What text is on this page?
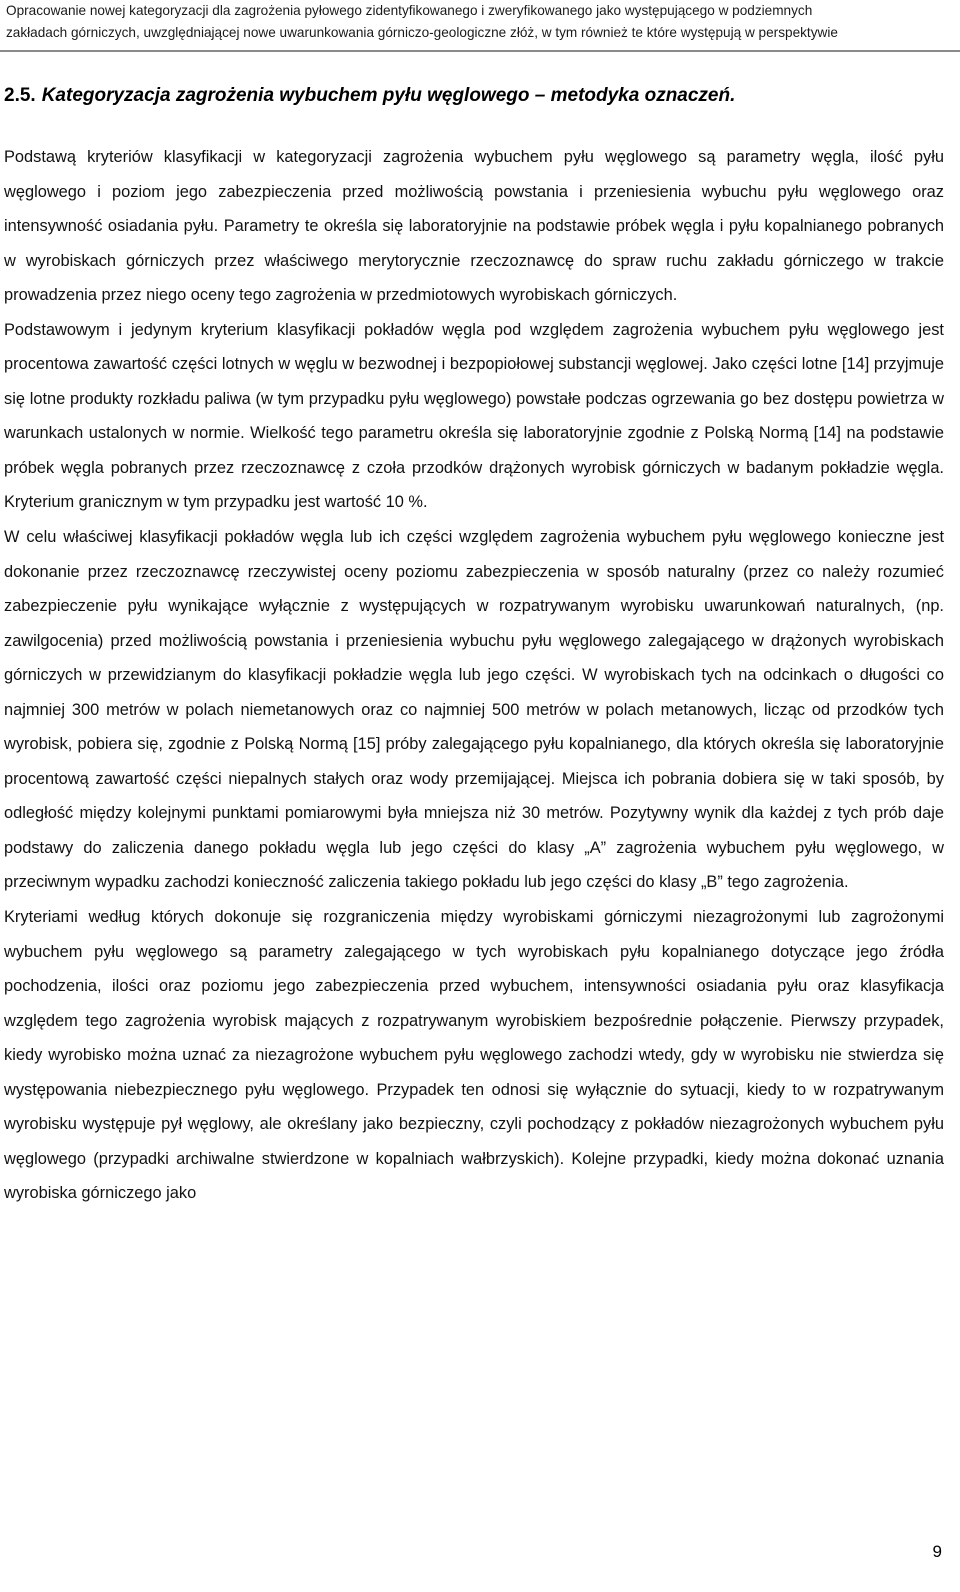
Opracowanie nowej kategoryzacji dla zagrożenia pyłowego zidentyfikowanego i zweryfikowanego jako występującego w podziemnych
zakładach górniczych, uwzględniającej nowe uwarunkowania górniczo-geologiczne złóż, w tym również te które występują w perspektywie
2.5. Kategoryzacja zagrożenia wybuchem pyłu węglowego – metodyka oznaczeń.

Podstawą kryteriów klasyfikacji w kategoryzacji zagrożenia wybuchem pyłu węglowego są parametry węgla, ilość pyłu węglowego i poziom jego zabezpieczenia przed możliwością powstania i przeniesienia wybuchu pyłu węglowego oraz intensywność osiadania pyłu. Parametry te określa się laboratoryjnie na podstawie próbek węgla i pyłu kopalnianego pobranych w wyrobiskach górniczych przez właściwego merytorycznie rzeczoznawcę do spraw ruchu zakładu górniczego w trakcie prowadzenia przez niego oceny tego zagrożenia w przedmiotowych wyrobiskach górniczych.

Podstawowym i jedynym kryterium klasyfikacji pokładów węgla pod względem zagrożenia wybuchem pyłu węglowego jest procentowa zawartość części lotnych w węglu w bezwodnej i bezpopiołowej substancji węglowej. Jako części lotne [14] przyjmuje się lotne produkty rozkładu paliwa (w tym przypadku pyłu węglowego) powstałe podczas ogrzewania go bez dostępu powietrza w warunkach ustalonych w normie. Wielkość tego parametru określa się laboratoryjnie zgodnie z Polską Normą [14] na podstawie próbek węgla pobranych przez rzeczoznawcę z czoła przodków drążonych wyrobisk górniczych w badanym pokładzie węgla. Kryterium granicznym w tym przypadku jest wartość 10 %.

W celu właściwej klasyfikacji pokładów węgla lub ich części względem zagrożenia wybuchem pyłu węglowego konieczne jest dokonanie przez rzeczoznawcę rzeczywistej oceny poziomu zabezpieczenia w sposób naturalny (przez co należy rozumieć zabezpieczenie pyłu wynikające wyłącznie z występujących w rozpatrywanym wyrobisku uwarunkowań naturalnych, (np. zawilgocenia) przed możliwością powstania i przeniesienia wybuchu pyłu węglowego zalegającego w drążonych wyrobiskach górniczych w przewidzianym do klasyfikacji pokładzie węgla lub jego części. W wyrobiskach tych na odcinkach o długości co najmniej 300 metrów w polach niemetanowych oraz co najmniej 500 metrów w polach metanowych, licząc od przodków tych wyrobisk, pobiera się, zgodnie z Polską Normą [15] próby zalegającego pyłu kopalnianego, dla których określa się laboratoryjnie procentową zawartość części niepalnych stałych oraz wody przemijającej. Miejsca ich pobrania dobiera się w taki sposób, by odległość między kolejnymi punktami pomiarowymi była mniejsza niż 30 metrów. Pozytywny wynik dla każdej z tych prób daje podstawy do zaliczenia danego pokładu węgla lub jego części do klasy „A” zagrożenia wybuchem pyłu węglowego, w przeciwnym wypadku zachodzi konieczność zaliczenia takiego pokładu lub jego części do klasy „B” tego zagrożenia.

Kryteriami według których dokonuje się rozgraniczenia między wyrobiskami górniczymi niezagrożonymi lub zagrożonymi wybuchem pyłu węglowego są parametry zalegającego w tych wyrobiskach pyłu kopalnianego dotyczące jego źródła pochodzenia, ilości oraz poziomu jego zabezpieczenia przed wybuchem, intensywności osiadania pyłu oraz klasyfikacja względem tego zagrożenia wyrobisk mających z rozpatrywanym wyrobiskiem bezpośrednie połączenie. Pierwszy przypadek, kiedy wyrobisko można uznać za niezagrożone wybuchem pyłu węglowego zachodzi wtedy, gdy w wyrobisku nie stwierdza się występowania niebezpiecznego pyłu węglowego. Przypadek ten odnosi się wyłącznie do sytuacji, kiedy to w rozpatrywanym wyrobisku występuje pył węglowy, ale określany jako bezpieczny, czyli pochodzący z pokładów niezagrożonych wybuchem pyłu węglowego (przypadki archiwalne stwierdzone w kopalniach wałbrzyskich). Kolejne przypadki, kiedy można dokonać uznania wyrobiska górniczego jako

9
